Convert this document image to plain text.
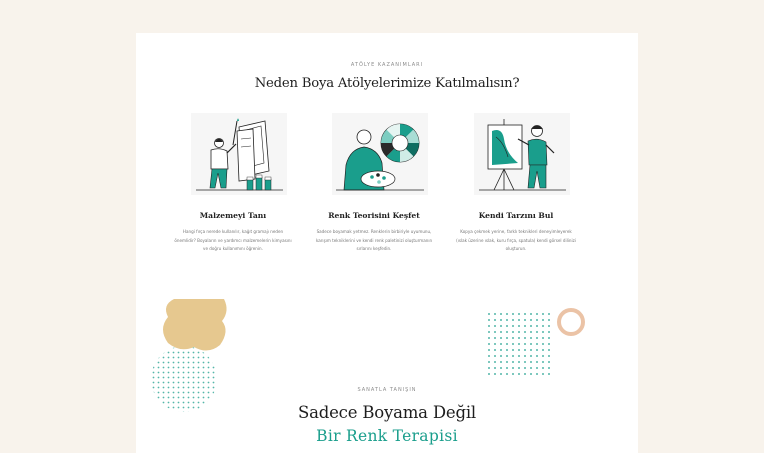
ATÖLYE KAZANIMLARI
Neden Boya Atölyelerimize Katılmalısın?
Malzemeyi Tanı
Hangi fırça nerede kullanılır, kağıt gramajı neden
önemlidir? Boyaların ve yardımcı malzemelerin kimyasını
ve doğru kullanımını öğrenin.
Renk Teorisini Keşfet
Sadece boyamak yetmez. Renklerin birbiriyle uyumunu,
karışım tekniklerini ve kendi renk paletinizi oluşturmanın
sırlarını keşfedin.
Kendi Tarzını Bul
Kopya çekmek yerine, farklı teknikleri deneyimleyerek
(ıslak üzerine ıslak, kuru fırça, spatula) kendi görsel dilinizi
oluşturun.
SANATLA TANIŞIN
Sadece Boyama Değil
Bir Renk Terapisi
